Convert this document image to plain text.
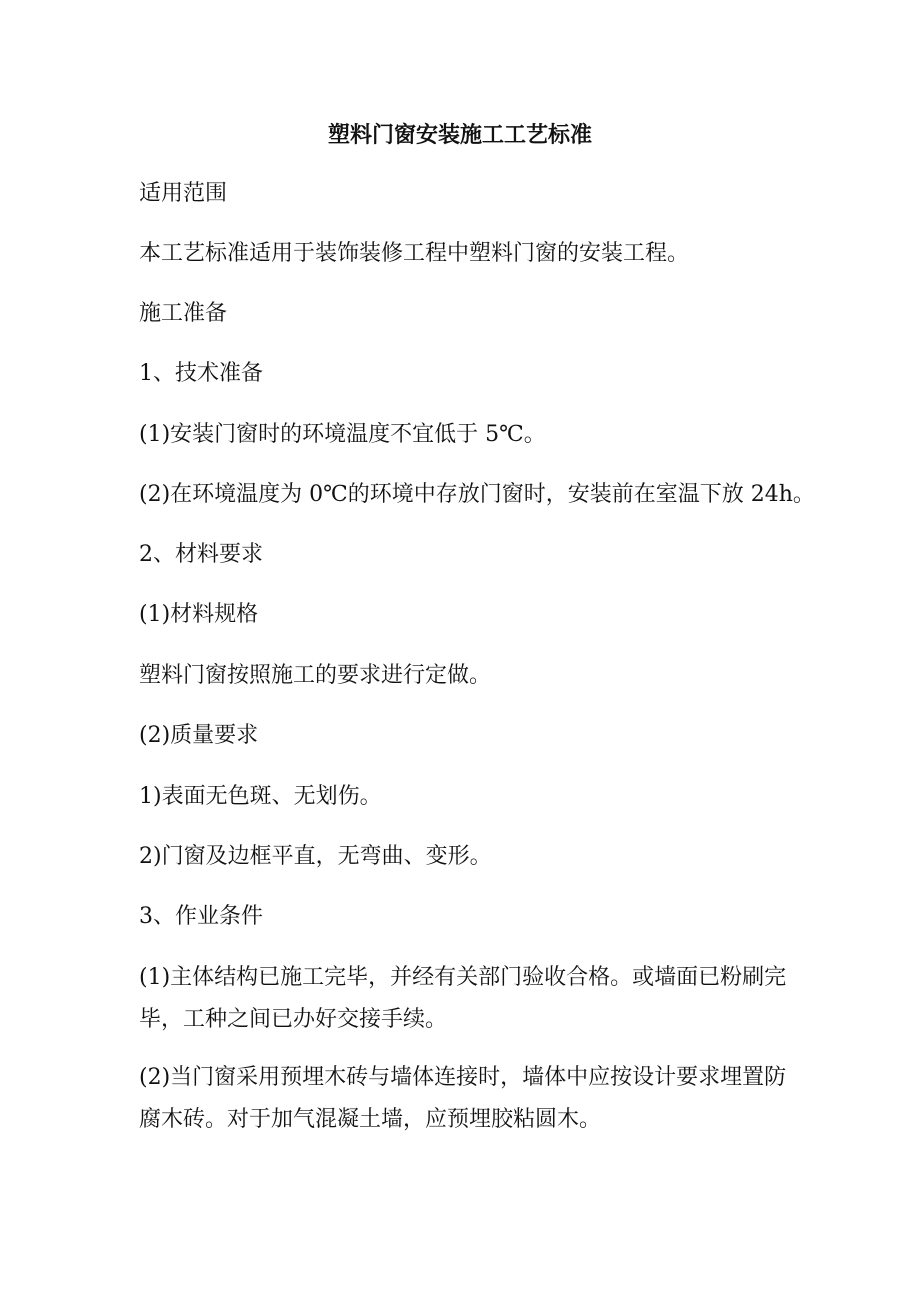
塑料门窗安装施工工艺标准

适用范围

本工艺标准适用于装饰装修工程中塑料门窗的安装工程。

施工准备

1、技术准备

(1)安装门窗时的环境温度不宜低于 5℃。

(2)在环境温度为 0℃的环境中存放门窗时，安装前在室温下放 24h。

2、材料要求

(1)材料规格

塑料门窗按照施工的要求进行定做。

(2)质量要求

1)表面无色斑、无划伤。

2)门窗及边框平直，无弯曲、变形。

3、作业条件

(1)主体结构已施工完毕，并经有关部门验收合格。或墙面已粉刷完毕，工种之间已办好交接手续。

(2)当门窗采用预埋木砖与墙体连接时，墙体中应按设计要求埋置防腐木砖。对于加气混凝土墙，应预埋胶粘圆木。
